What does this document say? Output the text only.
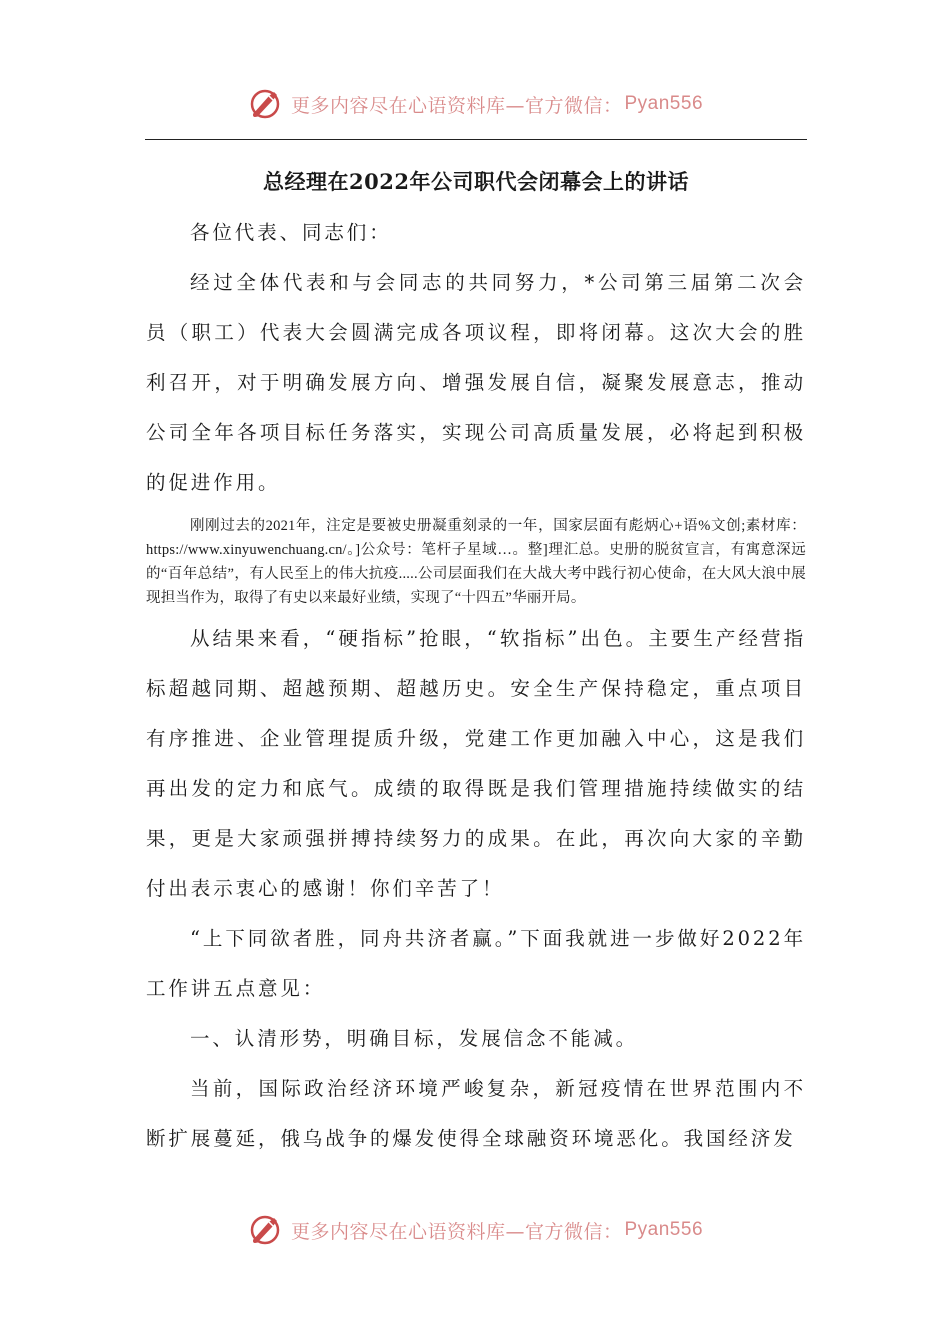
更多内容尽在心语资料库—官方微信： Pyan556
总经理在2022年公司职代会闭幕会上的讲话

各位代表、同志们：

经过全体代表和与会同志的共同努力，*公司第三届第二次会员（职工）代表大会圆满完成各项议程，即将闭幕。这次大会的胜利召开，对于明确发展方向、增强发展自信，凝聚发展意志，推动公司全年各项目标任务落实，实现公司高质量发展，必将起到积极的促进作用。

刚刚过去的2021年，注定是要被史册凝重刻录的一年，国家层面有彪炳心+语%文创;素材库：https://www.xinyuwenchuang.cn/。]公众号：笔杆子星域…。整]理汇总。史册的脱贫宣言，有寓意深远的“百年总结”，有人民至上的伟大抗疫.....公司层面我们在大战大考中践行初心使命，在大风大浪中展现担当作为，取得了有史以来最好业绩，实现了“十四五”华丽开局。

从结果来看，“硬指标”抢眼，“软指标”出色。主要生产经营指标超越同期、超越预期、超越历史。安全生产保持稳定，重点项目有序推进、企业管理提质升级，党建工作更加融入中心，这是我们再出发的定力和底气。成绩的取得既是我们管理措施持续做实的结果，更是大家顽强拼搏持续努力的成果。在此，再次向大家的辛勤付出表示衷心的感谢！你们辛苦了！

“上下同欲者胜，同舟共济者赢。”下面我就进一步做好2022年工作讲五点意见：

一、认清形势，明确目标，发展信念不能减。

当前，国际政治经济环境严峻复杂，新冠疫情在世界范围内不断扩展蔓延，俄乌战争的爆发使得全球融资环境恶化。我国经济发

更多内容尽在心语资料库—官方微信： Pyan556
